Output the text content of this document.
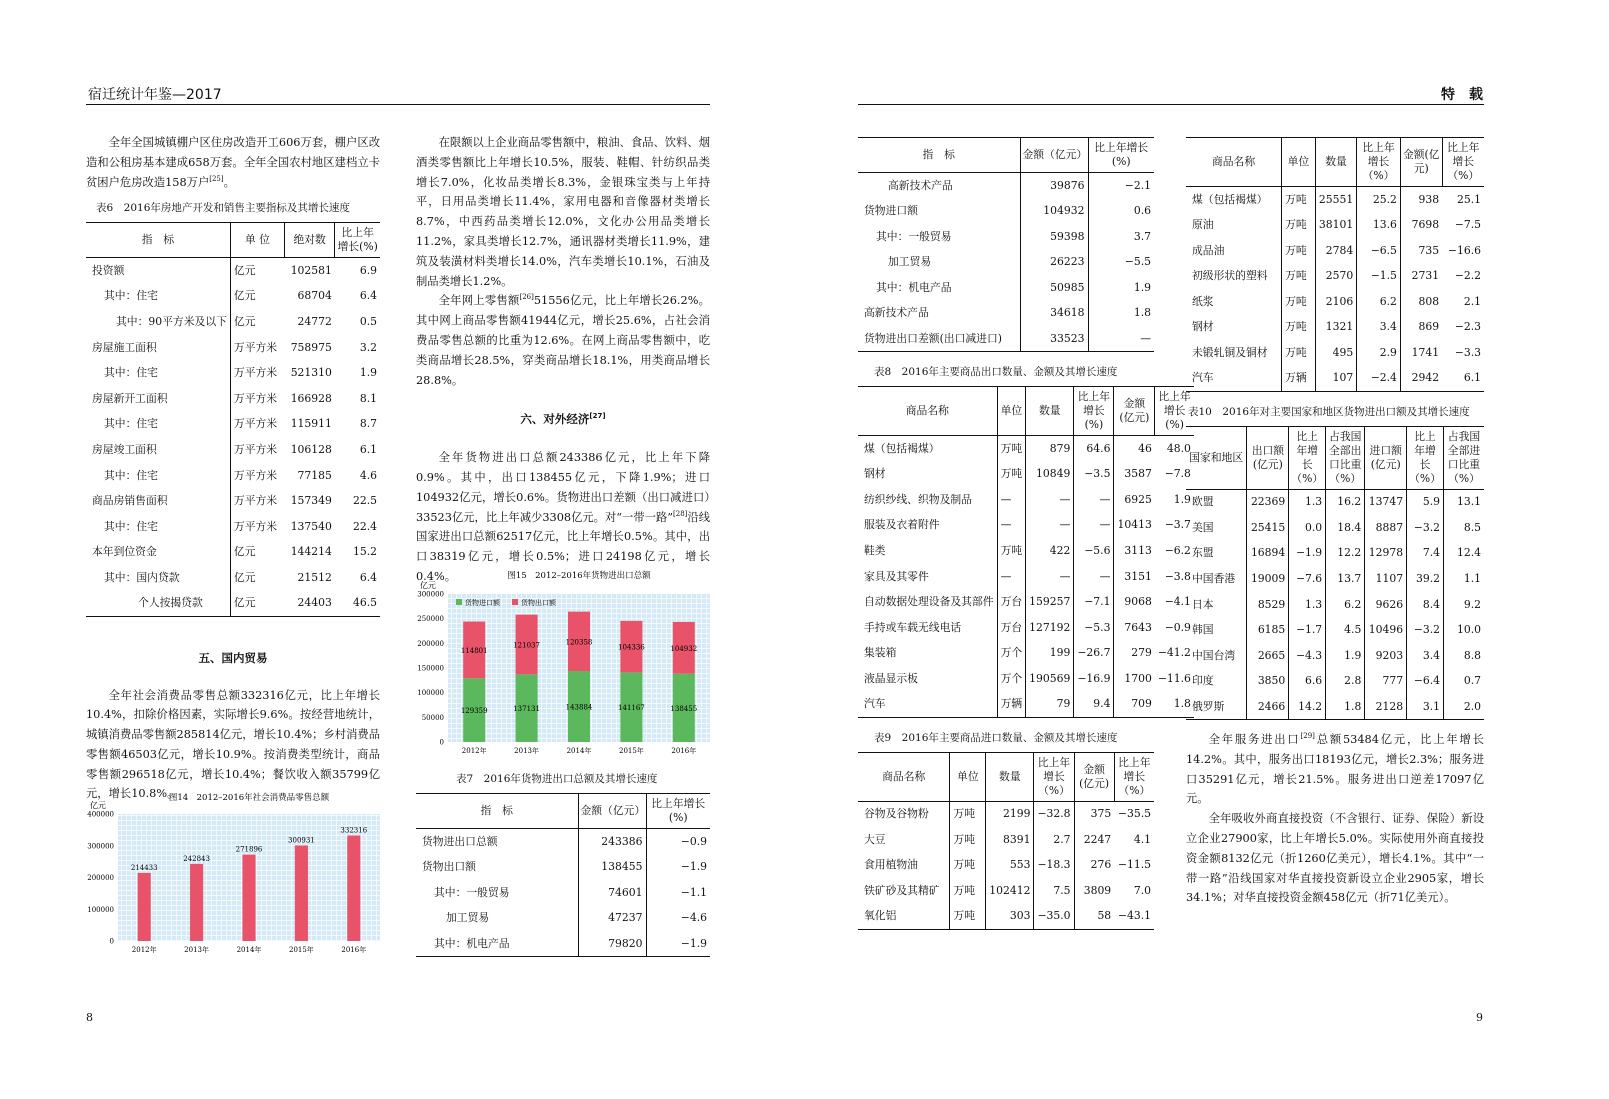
宿迁统计年鉴—2017

全年全国城镇棚户区住房改造开工606万套，棚户区改造和公租房基本建成658万套。全年全国农村地区建档立卡贫困户危房改造158万户[25]。

表6　2016年房地产开发和销售主要指标及其增长速度
指　标	单 位	绝对数	比上年增长(%)
投资额	亿元	102581	6.9
其中：住宅	亿元	68704	6.4
其中：90平方米及以下	亿元	24772	0.5
房屋施工面积	万平方米	758975	3.2
其中：住宅	万平方米	521310	1.9
房屋新开工面积	万平方米	166928	8.1
其中：住宅	万平方米	115911	8.7
房屋竣工面积	万平方米	106128	6.1
其中：住宅	万平方米	77185	4.6
商品房销售面积	万平方米	157349	22.5
其中：住宅	万平方米	137540	22.4
本年到位资金	亿元	144214	15.2
其中：国内贷款	亿元	21512	6.4
个人按揭贷款	亿元	24403	46.5
五、国内贸易

全年社会消费品零售总额332316亿元，比上年增长10.4%，扣除价格因素，实际增长9.6%。按经营地统计，城镇消费品零售额285814亿元，增长10.4%；乡村消费品零售额46503亿元，增长10.9%。按消费类型统计，商品零售额296518亿元，增长10.4%；餐饮收入额35799亿元，增长10.8%。

亿元
图14　2012–2016年社会消费品零售总额
0
100000
200000
300000
400000
2012年	2013年	2014年	2015年	2016年
214433
242843
271896
300931
332316

在限额以上企业商品零售额中，粮油、食品、饮料、烟酒类零售额比上年增长10.5%，服装、鞋帽、针纺织品类增长7.0%，化妆品类增长8.3%，金银珠宝类与上年持平，日用品类增长11.4%，家用电器和音像器材类增长8.7%，中西药品类增长12.0%，文化办公用品类增长11.2%，家具类增长12.7%，通讯器材类增长11.9%，建筑及装潢材料类增长14.0%，汽车类增长10.1%，石油及制品类增长1.2%。

全年网上零售额[26]51556亿元，比上年增长26.2%。其中网上商品零售额41944亿元，增长25.6%，占社会消费品零售总额的比重为12.6%。在网上商品零售额中，吃类商品增长28.5%，穿类商品增长18.1%，用类商品增长28.8%。

六、对外经济[27]

全年货物进出口总额243386亿元，比上年下降0.9%。其中，出口138455亿元，下降1.9%；进口104932亿元，增长0.6%。货物进出口差额（出口减进口）33523亿元，比上年减少3308亿元。对“一带一路”[28]沿线国家进出口总额62517亿元，比上年增长0.5%。其中，出口38319亿元，增长0.5%；进口24198亿元，增长0.4%。

亿元
图15　2012–2016年货物进出口总额
0
50000
100000
150000
200000
250000
300000
2012年	2013年	2014年	2015年	2016年
129359	137131	143884	141167	138455
114801
121037	120358
104336	104932
货物进口额	货物出口额
表7　2016年货物进出口总额及其增长速度
指　标	金额（亿元）	比上年增长(%)
货物进出口总额	243386	−0.9
货物出口额	138455	−1.9
其中：一般贸易	74601	−1.1
加工贸易	47237	−4.6
其中：机电产品	79820	−1.9
8
特　载
指　标	金额（亿元）	比上年增长(%)
高新技术产品	39876	−2.1
货物进口额	104932	0.6
其中：一般贸易	59398	3.7
加工贸易	26223	−5.5
其中：机电产品	50985	1.9
高新技术产品	34618	1.8
货物进出口差额(出口减进口)	33523	—
表8　2016年主要商品出口数量、金额及其增长速度
商品名称	单位	数量	比上年增长(%)	金额(亿元)	比上年增长(%)
煤（包括褐煤）	万吨	879	64.6	46	48.0
钢材	万吨	10849	−3.5	3587	−7.8
纺织纱线、织物及制品	—	—	—	6925	1.9
服装及衣着附件	—	—	—	10413	−3.7
鞋类	万吨	422	−5.6	3113	−6.2
家具及其零件	—	—	—	3151	−3.8
自动数据处理设备及其部件	万台	159257	−7.1	9068	−4.1
手持或车载无线电话	万台	127192	−5.3	7643	−0.9
集装箱	万个	199	−26.7	279	−41.2
液晶显示板	万个	190569	−16.9	1700	−11.6
汽车	万辆	79	9.4	709	1.8
表9　2016年主要商品进口数量、金额及其增长速度
商品名称	单位	数量	比上年增长（%）	金额(亿元)	比上年增长（%）
谷物及谷物粉	万吨	2199	−32.8	375	−35.5
大豆	万吨	8391	2.7	2247	4.1
食用植物油	万吨	553	−18.3	276	−11.5
铁矿砂及其精矿	万吨	102412	7.5	3809	7.0
氧化铝	万吨	303	−35.0	58	−43.1
商品名称	单位	数量	比上年增长（%）	金额(亿元)	比上年增长（%）
煤（包括褐煤）	万吨	25551	25.2	938	25.1
原油	万吨	38101	13.6	7698	−7.5
成品油	万吨	2784	−6.5	735	−16.6
初级形状的塑料	万吨	2570	−1.5	2731	−2.2
纸浆	万吨	2106	6.2	808	2.1
钢材	万吨	1321	3.4	869	−2.3
未锻轧铜及铜材	万吨	495	2.9	1741	−3.3
汽车	万辆	107	−2.4	2942	6.1
表10　2016年对主要国家和地区货物进出口额及其增长速度
国家和地区	出口额(亿元)	比上年增长（%）	占我国全部出口比重（%）	进口额(亿元)	比上年增长（%）	占我国全部进口比重（%）
欧盟	22369	1.3	16.2	13747	5.9	13.1
美国	25415	0.0	18.4	8887	−3.2	8.5
东盟	16894	−1.9	12.2	12978	7.4	12.4
中国香港	19009	−7.6	13.7	1107	39.2	1.1
日本	8529	1.3	6.2	9626	8.4	9.2
韩国	6185	−1.7	4.5	10496	−3.2	10.0
中国台湾	2665	−4.3	1.9	9203	3.4	8.8
印度	3850	6.6	2.8	777	−6.4	0.7
俄罗斯	2466	14.2	1.8	2128	3.1	2.0

全年服务进出口[29]总额53484亿元，比上年增长14.2%。其中，服务出口18193亿元，增长2.3%；服务进口35291亿元，增长21.5%。服务进出口逆差17097亿元。

全年吸收外商直接投资（不含银行、证券、保险）新设立企业27900家，比上年增长5.0%。实际使用外商直接投资金额8132亿元（折1260亿美元），增长4.1%。其中“一带一路”沿线国家对华直接投资新设立企业2905家，增长34.1%；对华直接投资金额458亿元（折71亿美元）。

9
